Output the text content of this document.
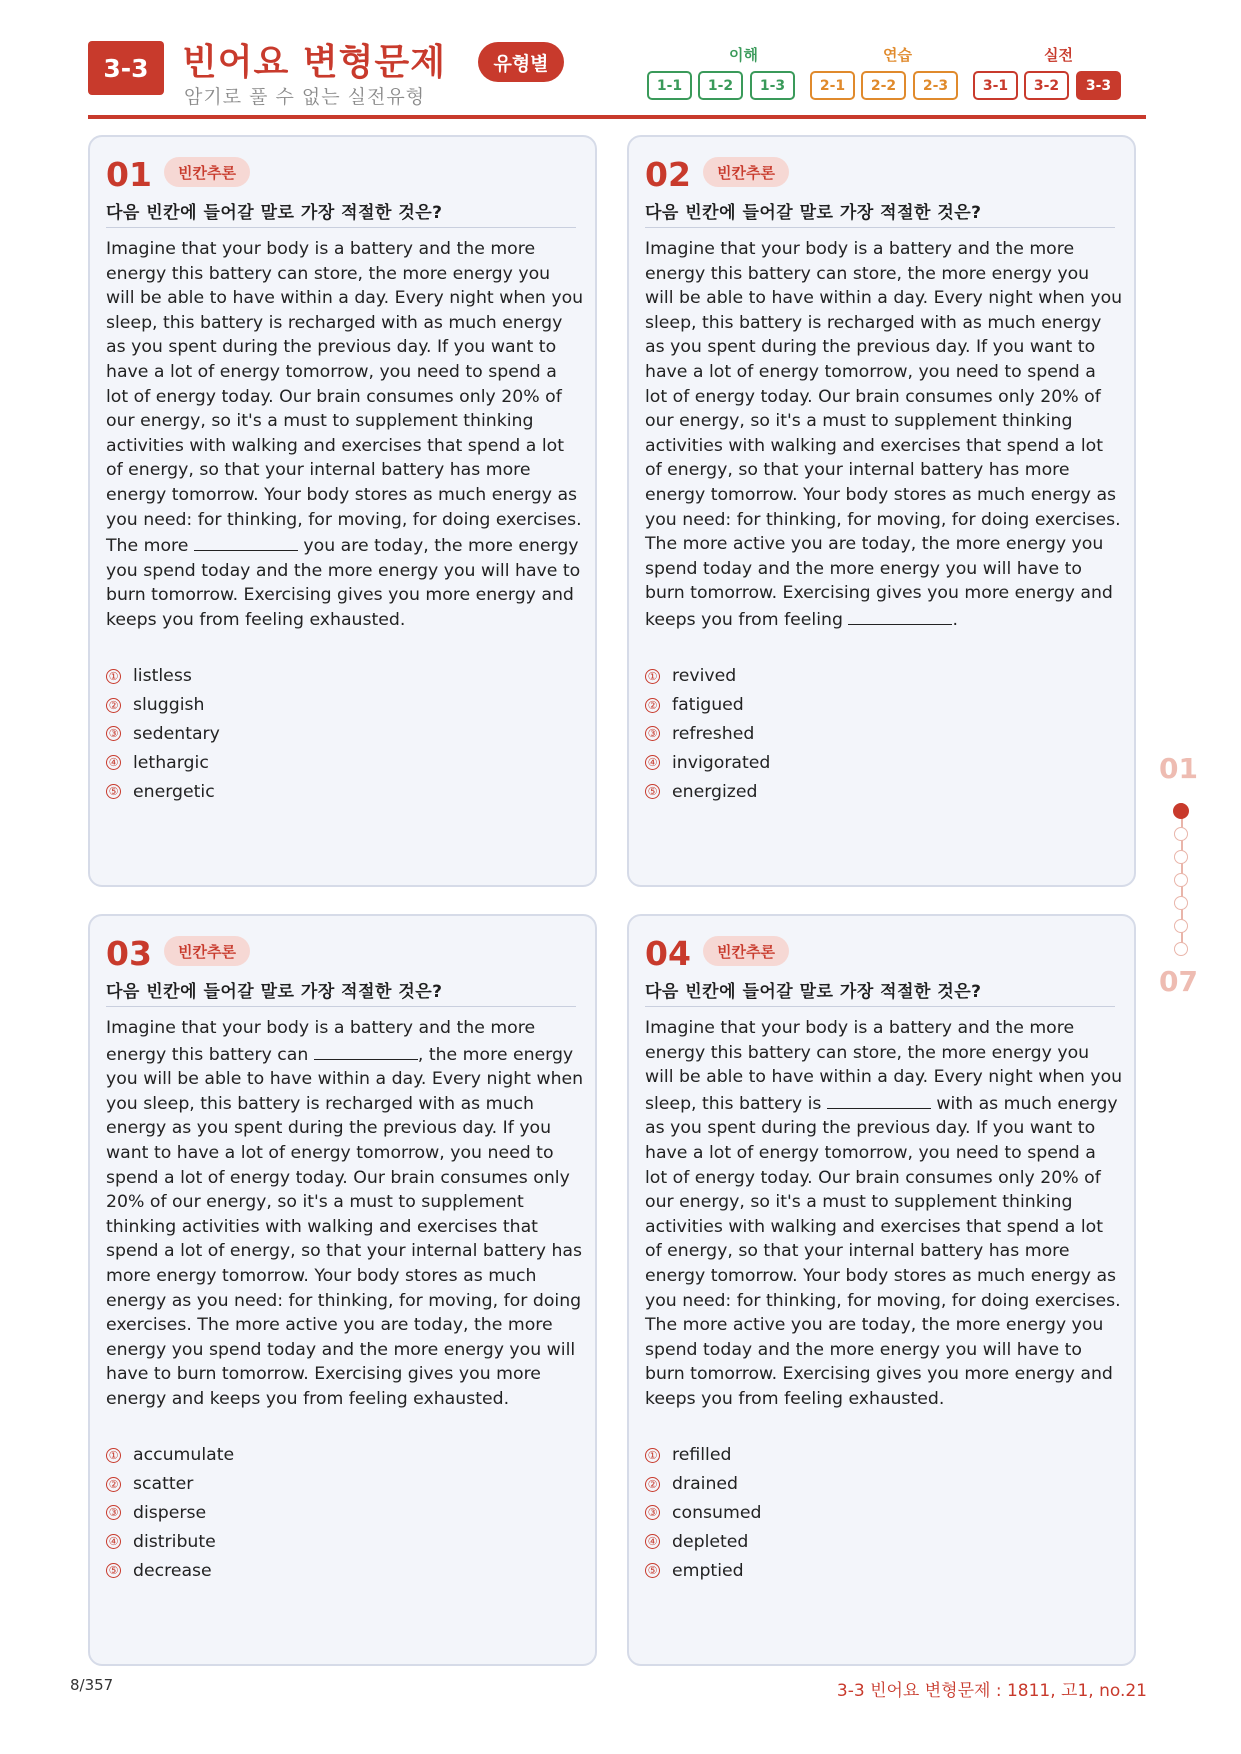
3-3 빈어요 변형문제	유형별
암기로 풀 수 없는 실전유형
이해	연습	실전
1-1	1-2	1-3	2-1	2-2	2-3	3-1	3-2	3-3
01	빈칸추론
다음 빈칸에 들어갈 말로 가장 적절한 것은?

Imagine that your body is a battery and the more energy this battery can store, the more energy you will be able to have within a day. Every night when you sleep, this battery is recharged with as much energy as you spent during the previous day. If you want to have a lot of energy tomorrow, you need to spend a lot of energy today. Our brain consumes only 20% of our energy, so it's a must to supplement thinking activities with walking and exercises that spend a lot of energy, so that your internal battery has more energy tomorrow. Your body stores as much energy as you need: for thinking, for moving, for doing exercises. The more	you are today, the more energy you spend today and the more energy you will have to burn tomorrow. Exercising gives you more energy and keeps you from feeling exhausted.

① listless
② sluggish
③ sedentary
④ lethargic
⑤ energetic
02	빈칸추론
다음 빈칸에 들어갈 말로 가장 적절한 것은?

Imagine that your body is a battery and the more energy this battery can store, the more energy you will be able to have within a day. Every night when you sleep, this battery is recharged with as much energy as you spent during the previous day. If you want to have a lot of energy tomorrow, you need to spend a lot of energy today. Our brain consumes only 20% of our energy, so it's a must to supplement thinking activities with walking and exercises that spend a lot of energy, so that your internal battery has more energy tomorrow. Your body stores as much energy as you need: for thinking, for moving, for doing exercises. The more active you are today, the more energy you spend today and the more energy you will have to burn tomorrow. Exercising gives you more energy and keeps you from feeling	.

① revived
② fatigued
③ refreshed
④ invigorated
⑤ energized
03	빈칸추론
다음 빈칸에 들어갈 말로 가장 적절한 것은?

Imagine that your body is a battery and the more energy this battery can	, the more energy you will be able to have within a day. Every night when you sleep, this battery is recharged with as much energy as you spent during the previous day. If you want to have a lot of energy tomorrow, you need to spend a lot of energy today. Our brain consumes only 20% of our energy, so it's a must to supplement thinking activities with walking and exercises that spend a lot of energy, so that your internal battery has more energy tomorrow. Your body stores as much energy as you need: for thinking, for moving, for doing exercises. The more active you are today, the more energy you spend today and the more energy you will have to burn tomorrow. Exercising gives you more energy and keeps you from feeling exhausted.

① accumulate
② scatter
③ disperse
④ distribute
⑤ decrease
04	빈칸추론
다음 빈칸에 들어갈 말로 가장 적절한 것은?

Imagine that your body is a battery and the more energy this battery can store, the more energy you will be able to have within a day. Every night when you sleep, this battery is	with as much energy as you spent during the previous day. If you want to have a lot of energy tomorrow, you need to spend a lot of energy today. Our brain consumes only 20% of our energy, so it's a must to supplement thinking activities with walking and exercises that spend a lot of energy, so that your internal battery has more energy tomorrow. Your body stores as much energy as you need: for thinking, for moving, for doing exercises. The more active you are today, the more energy you spend today and the more energy you will have to burn tomorrow. Exercising gives you more energy and keeps you from feeling exhausted.

① refilled
② drained
③ consumed
④ depleted
⑤ emptied
01
07
8/357	3-3 빈어요 변형문제 : 1811, 고1, no.21
